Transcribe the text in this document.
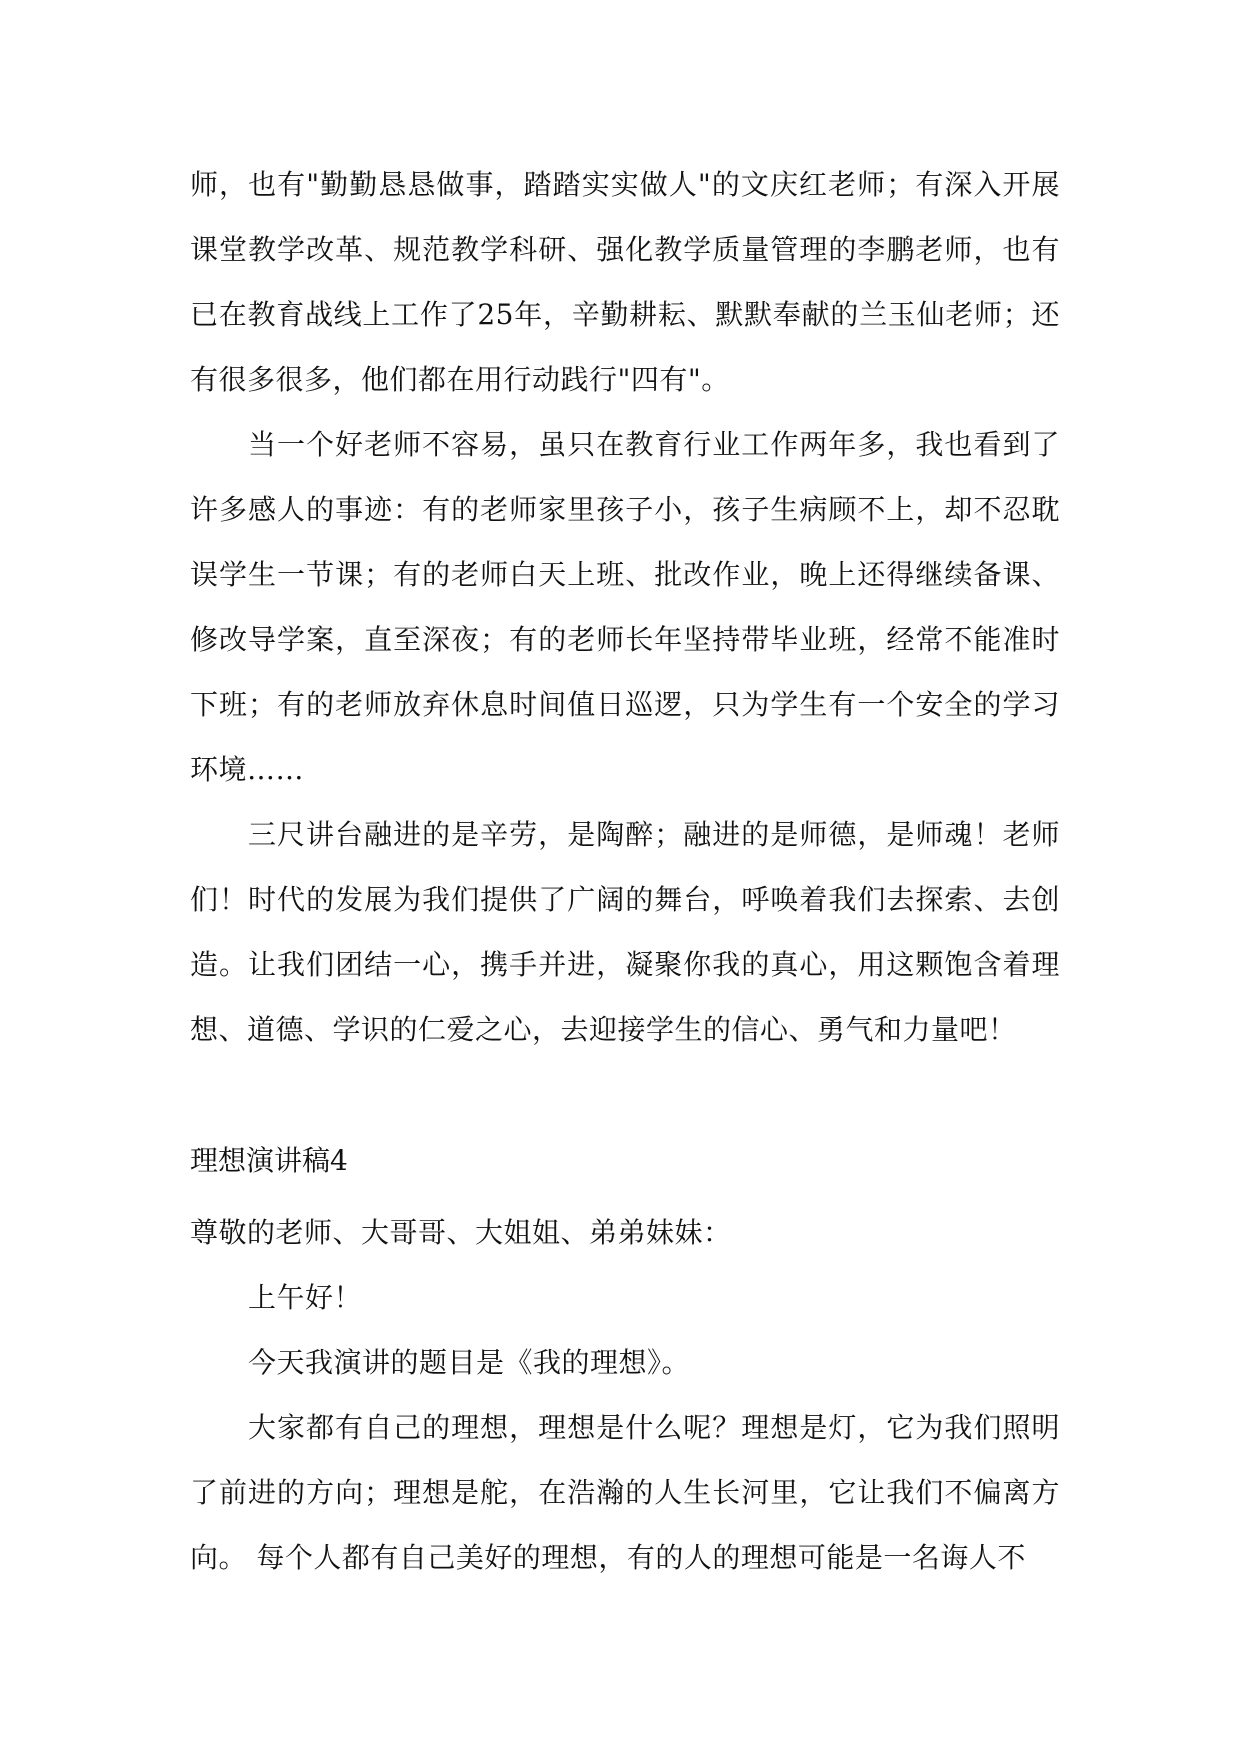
师，也有"勤勤恳恳做事，踏踏实实做人"的文庆红老师；有深入开展课堂教学改革、规范教学科研、强化教学质量管理的李鹏老师，也有已在教育战线上工作了25年，辛勤耕耘、默默奉献的兰玉仙老师；还有很多很多，他们都在用行动践行"四有"。

当一个好老师不容易，虽只在教育行业工作两年多，我也看到了许多感人的事迹：有的老师家里孩子小，孩子生病顾不上，却不忍耽误学生一节课；有的老师白天上班、批改作业，晚上还得继续备课、修改导学案，直至深夜；有的老师长年坚持带毕业班，经常不能准时下班；有的老师放弃休息时间值日巡逻，只为学生有一个安全的学习环境……

三尺讲台融进的是辛劳，是陶醉；融进的是师德，是师魂！老师们！时代的发展为我们提供了广阔的舞台，呼唤着我们去探索、去创造。让我们团结一心，携手并进，凝聚你我的真心，用这颗饱含着理想、道德、学识的仁爱之心，去迎接学生的信心、勇气和力量吧！

理想演讲稿4

尊敬的老师、大哥哥、大姐姐、弟弟妹妹：

上午好！

今天我演讲的题目是《我的理想》。

大家都有自己的理想，理想是什么呢？理想是灯，它为我们照明了前进的方向；理想是舵，在浩瀚的人生长河里，它让我们不偏离方向。 每个人都有自己美好的理想，有的人的理想可能是一名诲人不
